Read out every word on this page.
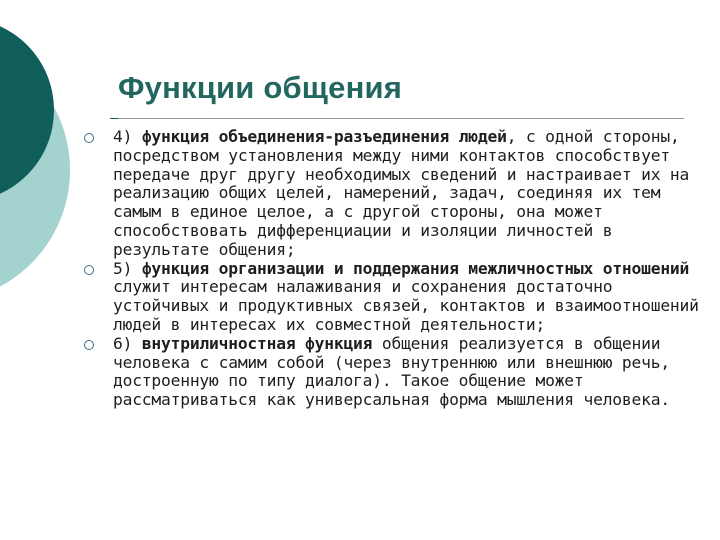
Функции общения
4) функция объединения-разъединения людей, с одной стороны, посредством установления между ними контактов способствует передаче друг другу необходимых сведений и настраивает их на реализацию общих целей, намерений, задач, соединяя их тем самым в единое целое, а с другой стороны, она может способствовать дифференциации и изоляции личностей в результате общения;
5) функция организации и поддержания межличностных отношений служит интересам налаживания и сохранения достаточно устойчивых и продуктивных связей, контактов и взаимоотношений людей в интересах их совместной деятельности;
6) внутриличностная функция общения реализуется в общении человека с самим собой (через внутреннюю или внешнюю речь, достроенную по типу диалога). Такое общение может рассматриваться как универсальная форма мышления человека.
